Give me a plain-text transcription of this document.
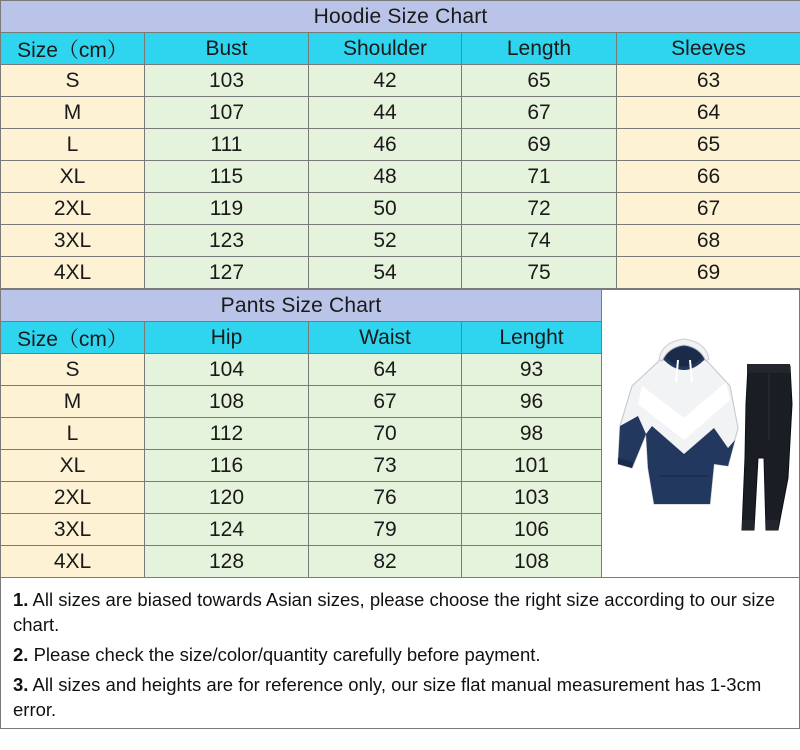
Hoodie Size Chart				
Size（cm）	Bust	Shoulder	Length	Sleeves
S	103	42	65	63
M	107	44	67	64
L	111	46	69	65
XL	115	48	71	66
2XL	119	50	72	67
3XL	123	52	74	68
4XL	127	54	75	69
Pants Size Chart			
Size（cm）	Hip	Waist	Lenght
S	104	64	93
M	108	67	96
L	112	70	98
XL	116	73	101
2XL	120	76	103
3XL	124	79	106
4XL	128	82	108

1. All sizes are biased towards Asian sizes, please choose the right size according to our size chart.

2. Please check the size/color/quantity carefully before payment.

3. All sizes and heights are for reference only, our size flat manual measurement has 1-3cm error.
